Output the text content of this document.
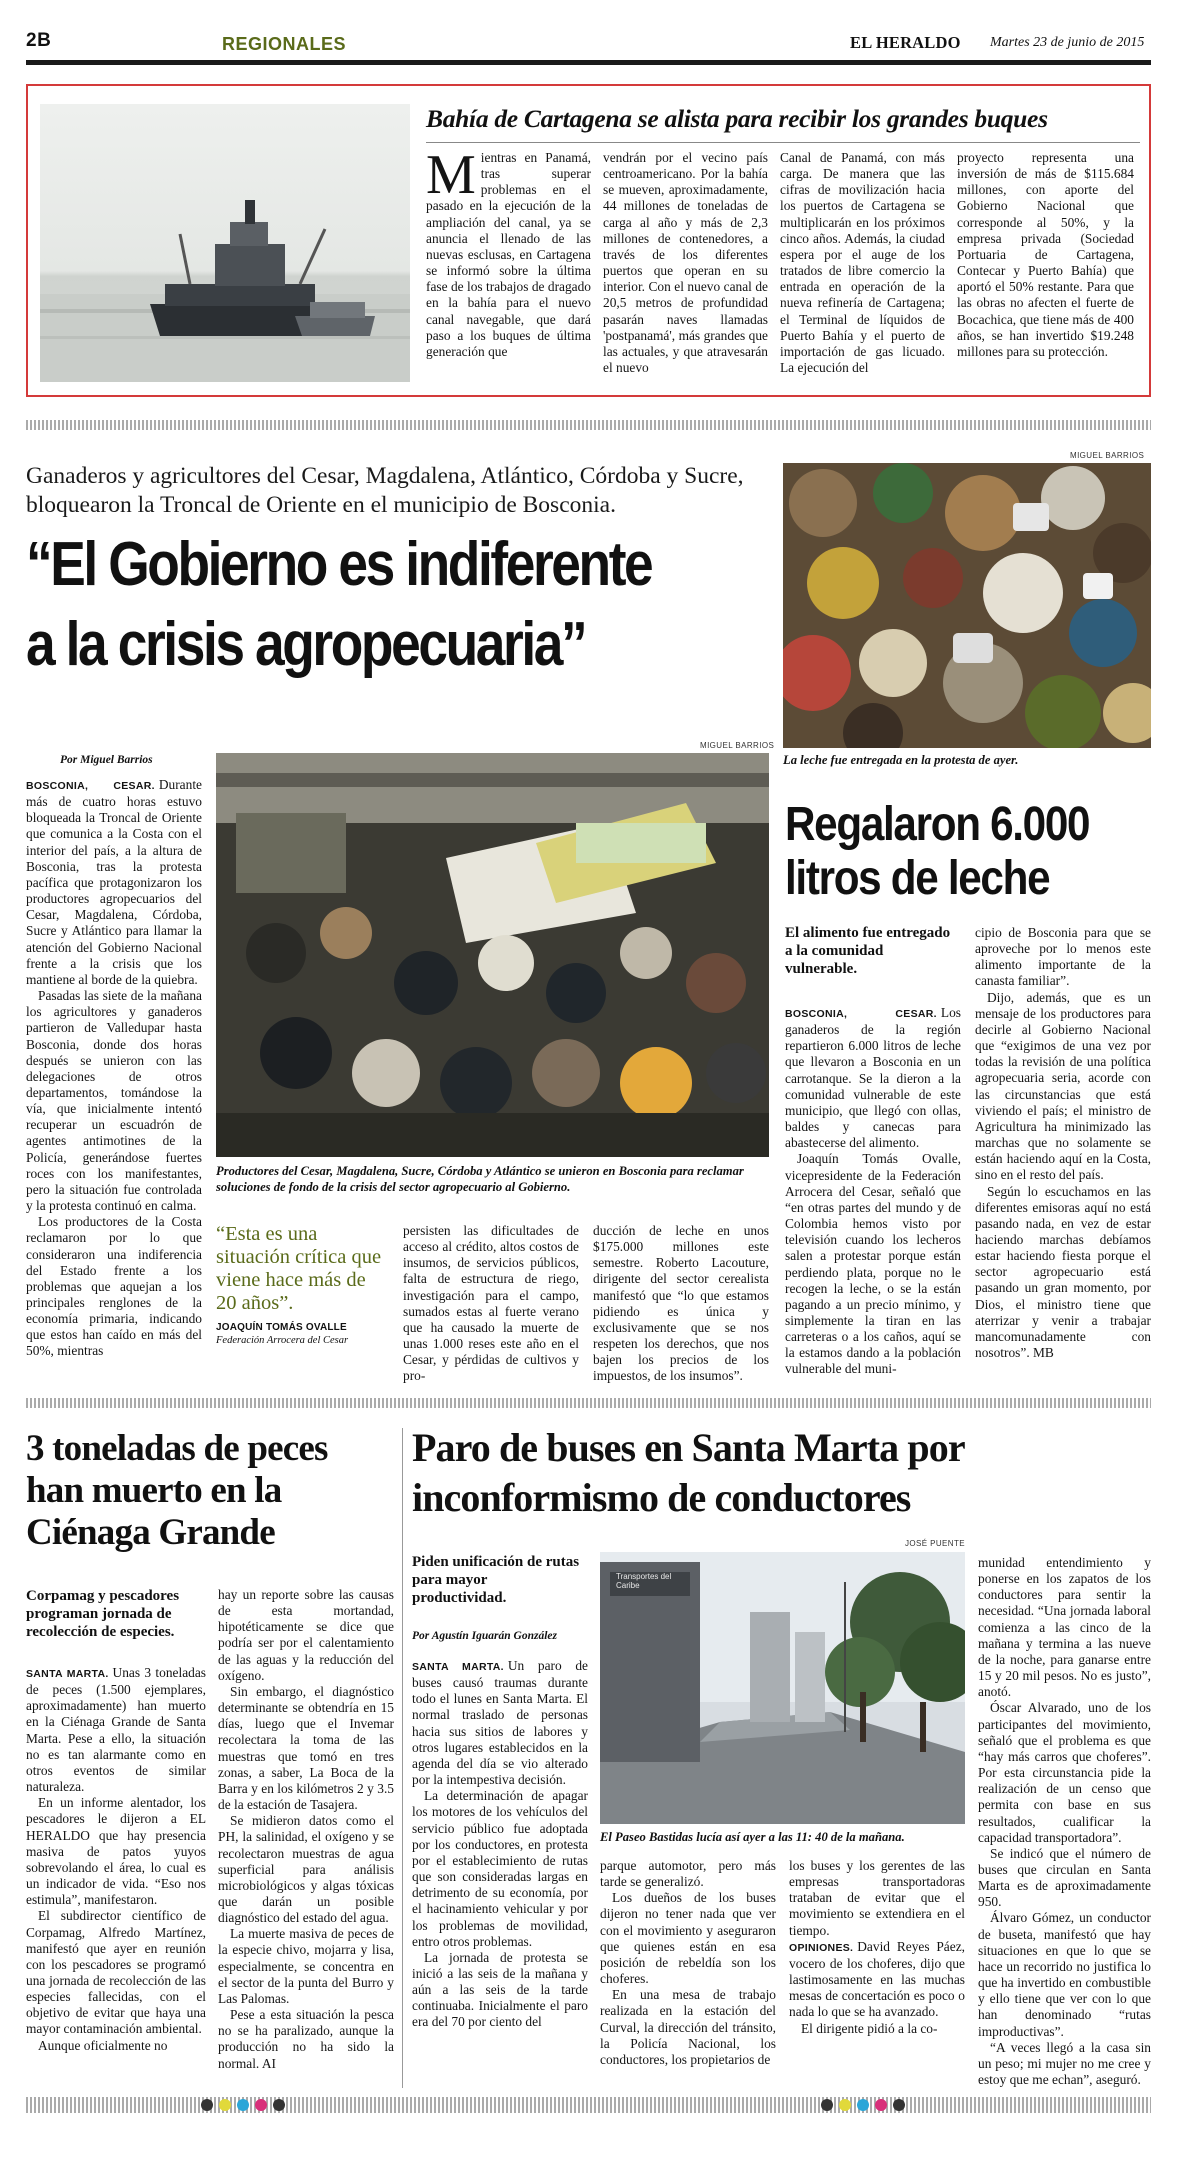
2B	REGIONALES	EL HERALDO Martes 23 de junio de 2015
Bahía de Cartagena se alista para recibir los grandes buques
M ientras en Panamá, tras superar problemas en el pasado en la ejecución de la ampliación del canal, ya se anuncia el llenado de las nuevas esclusas, en Cartagena se informó sobre la última fase de los trabajos de dragado en la bahía para el nuevo canal navegable, que dará paso a los buques de última generación que
vendrán por el vecino país centroamericano. Por la bahía se mueven, aproximadamente, 44 millones de toneladas de carga al año y más de 2,3 millones de contenedores, a través de los diferentes puertos que operan en su interior. Con el nuevo canal de 20,5 metros de profundidad pasarán naves llamadas 'postpanamá', más grandes que las actuales, y que atravesarán el nuevo
Canal de Panamá, con más carga. De manera que las cifras de movilización hacia los puertos de Cartagena se multiplicarán en los próximos cinco años. Además, la ciudad espera por el auge de los tratados de libre comercio la entrada en operación de la nueva refinería de Cartagena; el Terminal de líquidos de Puerto Bahía y el puerto de importación de gas licuado. La ejecución del
proyecto representa una inversión de más de $115.684 millones, con aporte del Gobierno Nacional que corresponde al 50%, y la empresa privada (Sociedad Portuaria de Cartagena, Contecar y Puerto Bahía) que aportó el 50% restante. Para que las obras no afecten el fuerte de Bocachica, que tiene más de 400 años, se han invertido $19.248 millones para su protección.
Ganaderos y agricultores del Cesar, Magdalena, Atlántico, Córdoba y Sucre, bloquearon la Troncal de Oriente en el municipio de Bosconia.
“El Gobierno es indiferente
a la crisis agropecuaria”
MIGUEL BARRIOS
La leche fue entregada en la protesta de ayer.
Por Miguel Barrios

BOSCONIA, CESAR. Durante más de cuatro horas estuvo bloqueada la Troncal de Oriente que comunica a la Costa con el interior del país, a la altura de Bosconia, tras la protesta pacífica que protagonizaron los productores agropecuarios del Cesar, Magdalena, Córdoba, Sucre y Atlántico para llamar la atención del Gobierno Nacional frente a la crisis que los mantiene al borde de la quiebra.

Pasadas las siete de la mañana los agricultores y ganaderos partieron de Valledupar hasta Bosconia, donde dos horas después se unieron con las delegaciones de otros departamentos, tomándose la vía, que inicialmente intentó recuperar un escuadrón de agentes antimotines de la Policía, generándose fuertes roces con los manifestantes, pero la situación fue controlada y la protesta continuó en calma.

Los productores de la Costa reclamaron por lo que consideraron una indiferencia del Estado frente a los problemas que aquejan a los principales renglones de la economía primaria, indicando que estos han caído en más del 50%, mientras

MIGUEL BARRIOS
Productores del Cesar, Magdalena, Sucre, Córdoba y Atlántico se unieron en Bosconia para reclamar soluciones de fondo de la crisis del sector agropecuario al Gobierno.
“Esta es una situación crítica que viene hace más de 20 años”.
JOAQUÍN TOMÁS OVALLE
Federación Arrocera del Cesar
persisten las dificultades de acceso al crédito, altos costos de insumos, de servicios públicos, falta de estructura de riego, investigación para el campo, sumados estas al fuerte verano que ha causado la muerte de unas 1.000 reses este año en el Cesar, y pérdidas de cultivos y pro-
ducción de leche en unos $175.000 millones este semestre. Roberto Lacouture, dirigente del sector cerealista manifestó que “lo que estamos pidiendo es única y exclusivamente que se nos respeten los derechos, que nos bajen los precios de los impuestos, de los insumos”.
Regalaron 6.000
litros de leche
El alimento fue entregado a la comunidad vulnerable.

BOSCONIA, CESAR. Los ganaderos de la región repartieron 6.000 litros de leche que llevaron a Bosconia en un carrotanque. Se la dieron a la comunidad vulnerable de este municipio, que llegó con ollas, baldes y canecas para abastecerse del alimento.

Joaquín Tomás Ovalle, vicepresidente de la Federación Arrocera del Cesar, señaló que “en otras partes del mundo y de Colombia hemos visto por televisión cuando los lecheros salen a protestar porque están perdiendo plata, porque no le recogen la leche, o se la están pagando a un precio mínimo, y simplemente la tiran en las carreteras o a los caños, aquí se la estamos dando a la población vulnerable del muni-

cipio de Bosconia para que se aproveche por lo menos este alimento importante de la canasta familiar”.

Dijo, además, que es un mensaje de los productores para decirle al Gobierno Nacional que “exigimos de una vez por todas la revisión de una política agropecuaria seria, acorde con las circunstancias que está viviendo el país; el ministro de Agricultura ha minimizado las marchas que no solamente se están haciendo aquí en la Costa, sino en el resto del país.

Según lo escuchamos en las diferentes emisoras aquí no está pasando nada, en vez de estar haciendo marchas debíamos estar haciendo fiesta porque el sector agropecuario está pasando un gran momento, por Dios, el ministro tiene que aterrizar y venir a trabajar mancomunadamente con nosotros”. MB

3 toneladas de peces han muerto en la Ciénaga Grande
Corpamag y pescadores programan jornada de recolección de especies.

SANTA MARTA. Unas 3 toneladas de peces (1.500 ejemplares, aproximadamente) han muerto en la Ciénaga Grande de Santa Marta. Pese a ello, la situación no es tan alarmante como en otros eventos de similar naturaleza.

En un informe alentador, los pescadores le dijeron a EL HERALDO que hay presencia masiva de patos yuyos sobrevolando el área, lo cual es un indicador de vida. “Eso nos estimula”, manifestaron.

El subdirector científico de Corpamag, Alfredo Martínez, manifestó que ayer en reunión con los pescadores se programó una jornada de recolección de las especies fallecidas, con el objetivo de evitar que haya una mayor contaminación ambiental.

Aunque oficialmente no

hay un reporte sobre las causas de esta mortandad, hipotéticamente se dice que podría ser por el calentamiento de las aguas y la reducción del oxígeno.

Sin embargo, el diagnóstico determinante se obtendría en 15 días, luego que el Invemar recolectara la toma de las muestras que tomó en tres zonas, a saber, La Boca de la Barra y en los kilómetros 2 y 3.5 de la estación de Tasajera.

Se midieron datos como el PH, la salinidad, el oxígeno y se recolectaron muestras de agua superficial para análisis microbiológicos y algas tóxicas que darán un posible diagnóstico del estado del agua.

La muerte masiva de peces de la especie chivo, mojarra y lisa, especialmente, se concentra en el sector de la punta del Burro y Las Palomas.

Pese a esta situación la pesca no se ha paralizado, aunque la producción no ha sido la normal. AI

Paro de buses en Santa Marta por
inconformismo de conductores
Piden unificación de rutas para mayor productividad.
Por Agustín Iguarán González

SANTA MARTA. Un paro de buses causó traumas durante todo el lunes en Santa Marta. El normal traslado de personas hacia sus sitios de labores y otros lugares establecidos en la agenda del día se vio alterado por la intempestiva decisión.

La determinación de apagar los motores de los vehículos del servicio público fue adoptada por los conductores, en protesta por el establecimiento de rutas que son consideradas largas en detrimento de su economía, por el hacinamiento vehicular y por los problemas de movilidad, entro otros problemas.

La jornada de protesta se inició a las seis de la mañana y aún a las seis de la tarde continuaba. Inicialmente el paro era del 70 por ciento del

JOSÉ PUENTE
Transportes del Caribe
El Paseo Bastidas lucía así ayer a las 11: 40 de la mañana.

parque automotor, pero más tarde se generalizó.

Los dueños de los buses dijeron no tener nada que ver con el movimiento y aseguraron que quienes están en esa posición de rebeldía son los choferes.

En una mesa de trabajo realizada en la estación del Curval, la dirección del tránsito, la Policía Nacional, los conductores, los propietarios de

los buses y los gerentes de las empresas transportadoras trataban de evitar que el movimiento se extendiera en el tiempo.

OPINIONES. David Reyes Páez, vocero de los choferes, dijo que lastimosamente en las muchas mesas de concertación es poco o nada lo que se ha avanzado.

El dirigente pidió a la co-

munidad entendimiento y ponerse en los zapatos de los conductores para sentir la necesidad. “Una jornada laboral comienza a las cinco de la mañana y termina a las nueve de la noche, para ganarse entre 15 y 20 mil pesos. No es justo”, anotó.

Óscar Alvarado, uno de los participantes del movimiento, señaló que el problema es que “hay más carros que choferes”. Por esta circunstancia pide la realización de un censo que permita con base en sus resultados, cualificar la capacidad transportadora”.

Se indicó que el número de buses que circulan en Santa Marta es de aproximadamente 950.

Álvaro Gómez, un conductor de buseta, manifestó que hay situaciones en que lo que se hace un recorrido no justifica lo que ha invertido en combustible y ello tiene que ver con lo que han denominado “rutas improductivas”.

“A veces llegó a la casa sin un peso; mi mujer no me cree y estoy que me echan”, aseguró.
